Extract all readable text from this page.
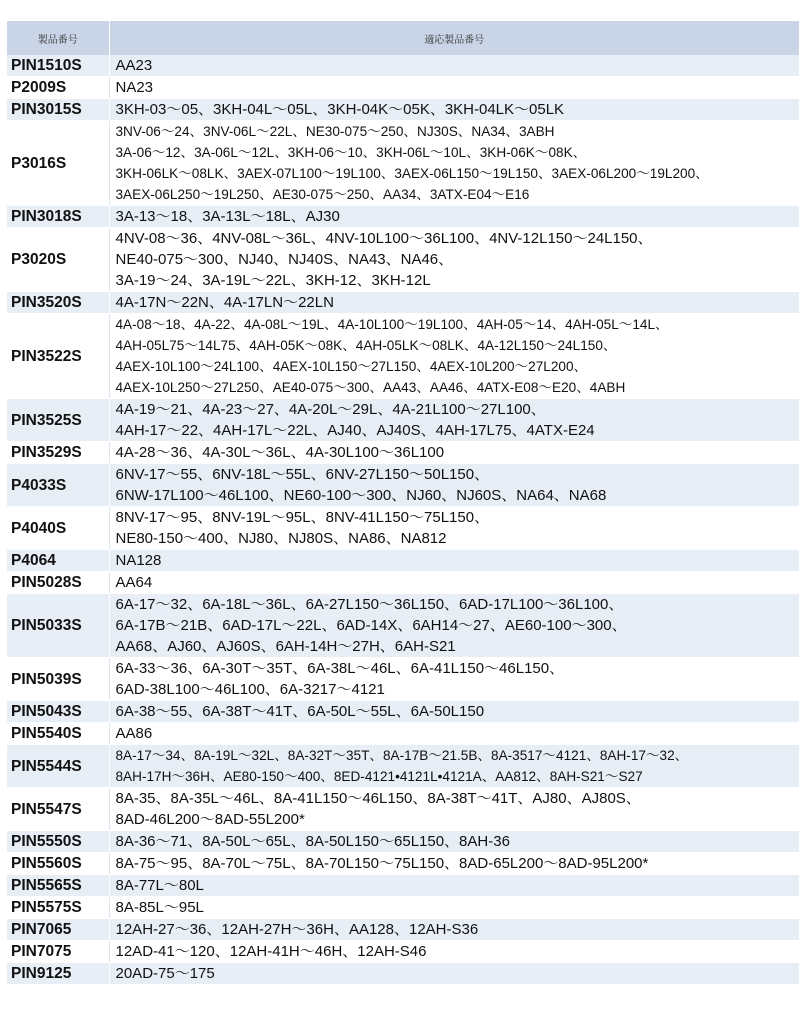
製品番号	適応製品番号
PIN1510S	AA23

P2009S	NA23

PIN3015S	3KH-03～05、3KH-04L～05L、3KH-04K～05K、3KH-04LK～05LK

P3016S	3NV-06～24、3NV-06L～22L、NE30-075～250、NJ30S、NA34、3ABH
3A-06～12、3A-06L～12L、3KH-06～10、3KH-06L～10L、3KH-06K～08K、
3KH-06LK～08LK、3AEX-07L100～19L100、3AEX-06L150～19L150、3AEX-06L200～19L200、
3AEX-06L250～19L250、AE30-075～250、AA34、3ATX-E04～E16

PIN3018S	3A-13～18、3A-13L～18L、AJ30

P3020S	4NV-08～36、4NV-08L～36L、4NV-10L100～36L100、4NV-12L150～24L150、
NE40-075～300、NJ40、NJ40S、NA43、NA46、
3A-19～24、3A-19L～22L、3KH-12、3KH-12L

PIN3520S	4A-17N～22N、4A-17LN～22LN

PIN3522S	4A-08～18、4A-22、4A-08L～19L、4A-10L100～19L100、4AH-05～14、4AH-05L～14L、
4AH-05L75～14L75、4AH-05K～08K、4AH-05LK～08LK、4A-12L150～24L150、
4AEX-10L100～24L100、4AEX-10L150～27L150、4AEX-10L200～27L200、
4AEX-10L250～27L250、AE40-075～300、AA43、AA46、4ATX-E08～E20、4ABH

PIN3525S	4A-19～21、4A-23～27、4A-20L～29L、4A-21L100～27L100、
4AH-17～22、4AH-17L～22L、AJ40、AJ40S、4AH-17L75、4ATX-E24

PIN3529S	4A-28～36、4A-30L～36L、4A-30L100～36L100

P4033S	6NV-17～55、6NV-18L～55L、6NV-27L150～50L150、
6NW-17L100～46L100、NE60-100～300、NJ60、NJ60S、NA64、NA68

P4040S	8NV-17～95、8NV-19L～95L、8NV-41L150～75L150、
NE80-150～400、NJ80、NJ80S、NA86、NA812

P4064	NA128

PIN5028S	AA64

PIN5033S	6A-17～32、6A-18L～36L、6A-27L150～36L150、6AD-17L100～36L100、
6A-17B～21B、6AD-17L～22L、6AD-14X、6AH14～27、AE60-100～300、
AA68、AJ60、AJ60S、6AH-14H～27H、6AH-S21

PIN5039S	6A-33～36、6A-30T～35T、6A-38L～46L、6A-41L150～46L150、
6AD-38L100～46L100、6A-3217～4121

PIN5043S	6A-38～55、6A-38T～41T、6A-50L～55L、6A-50L150

PIN5540S	AA86

PIN5544S	8A-17～34、8A-19L～32L、8A-32T～35T、8A-17B～21.5B、8A-3517～4121、8AH-17～32、
8AH-17H～36H、AE80-150～400、8ED-4121•4121L•4121A、AA812、8AH-S21～S27

PIN5547S	8A-35、8A-35L～46L、8A-41L150～46L150、8A-38T～41T、AJ80、AJ80S、
8AD-46L200～8AD-55L200*

PIN5550S	8A-36～71、8A-50L～65L、8A-50L150～65L150、8AH-36

PIN5560S	8A-75～95、8A-70L～75L、8A-70L150～75L150、8AD-65L200～8AD-95L200*

PIN5565S	8A-77L～80L

PIN5575S	8A-85L～95L

PIN7065	12AH-27～36、12AH-27H～36H、AA128、12AH-S36

PIN7075	12AD-41～120、12AH-41H～46H、12AH-S46

PIN9125	20AD-75～175
